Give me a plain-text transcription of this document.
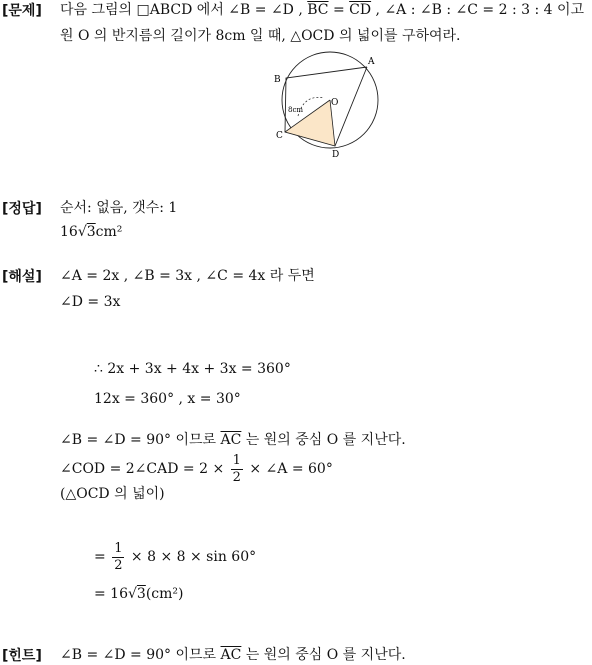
[문제] 다음 그림의 □ABCD 에서 ∠B = ∠D , $\overline{BC} = \overline{CD}$ , ∠A : ∠B : ∠C = 2 : 3 : 4 이고
원 O 의 반지름의 길이가 8cm 일 때, △OCD 의 넓이를 구하여라.
A
B
C
D
O
8cm
[정답] 순서: 없음, 갯수: 1
16√3cm²
[해설] ∠A = 2x , ∠B = 3x , ∠C = 4x 라 두면
∠D = 3x
∴ 2x + 3x + 4x + 3x = 360°
12x = 360° , x = 30°
∠B = ∠D = 90° 이므로 $\overline{AC}$ 는 원의 중심 O 를 지난다.
∠COD = 2∠CAD = $2 \times \frac{1}{2}$ × ∠A = 60°
(△OCD 의 넓이)
= $\frac{1}{2} \times 8 \times 8 \times \sin 60^\circ$
= 16√3(cm²)
[힌트] ∠B = ∠D = 90° 이므로 $\overline{AC}$ 는 원의 중심 O 를 지난다.
